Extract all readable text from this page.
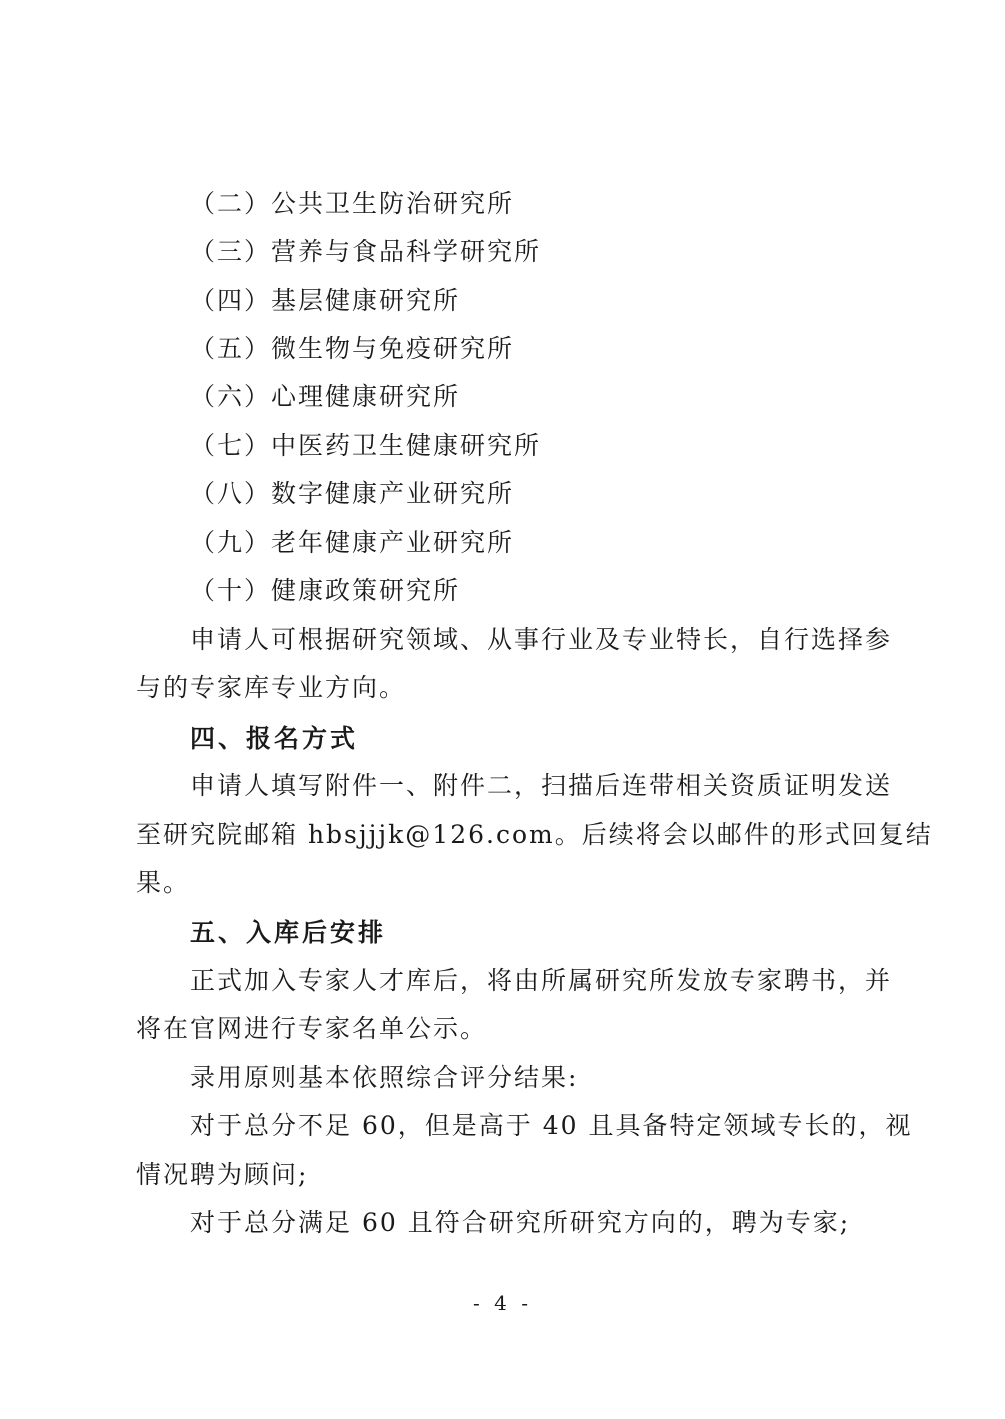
（二）公共卫生防治研究所
（三）营养与食品科学研究所
（四）基层健康研究所
（五）微生物与免疫研究所
（六）心理健康研究所
（七）中医药卫生健康研究所
（八）数字健康产业研究所
（九）老年健康产业研究所
（十）健康政策研究所
申请人可根据研究领域、从事行业及专业特长，自行选择参
与的专家库专业方向。
四、报名方式
申请人填写附件一、附件二，扫描后连带相关资质证明发送
至研究院邮箱 hbsjjjk@126.com。后续将会以邮件的形式回复结
果。
五、入库后安排
正式加入专家人才库后，将由所属研究所发放专家聘书，并
将在官网进行专家名单公示。
录用原则基本依照综合评分结果:
对于总分不足 60，但是高于 40 且具备特定领域专长的，视
情况聘为顾问;
对于总分满足 60 且符合研究所研究方向的，聘为专家;
- 4 -
